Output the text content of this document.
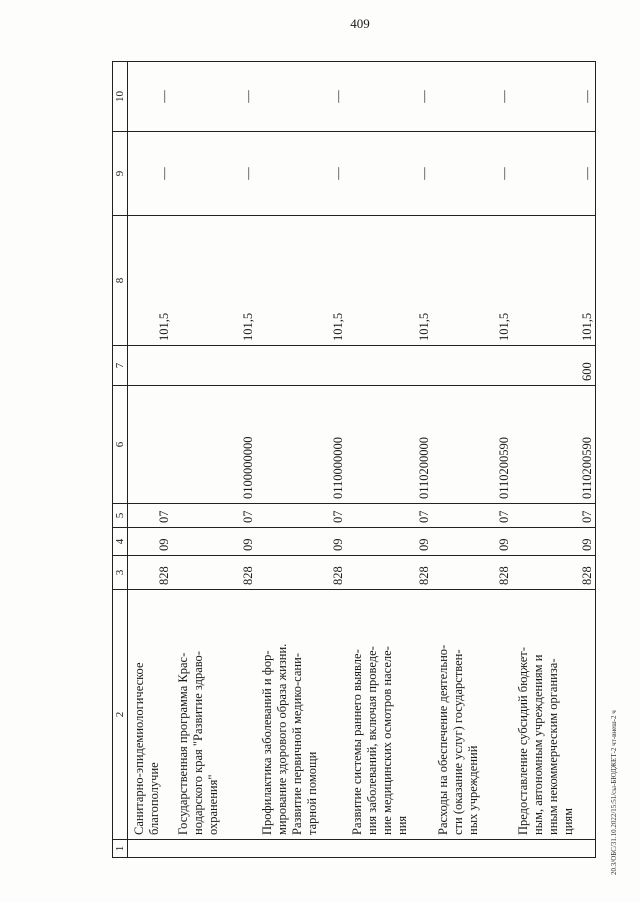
409
1	2	3	4	5	6	7	8	9	10

	Санитарно-эпидемиологическое благополучие	828	09	07			101,5	—	—

	Государственная программа Крас- нодарского края "Развитие здраво- охранения"	828	09	07	0100000000		101,5	—	—

	Профилактика заболеваний и фор- мирование здорового образа жизни. Развитие первичной медико-сани- тарной помощи	828	09	07	0110000000		101,5	—	—

	Развитие системы раннего выявле- ния заболеваний, включая проведе- ние медицинских осмотров населе- ния	828	09	07	0110200000		101,5	—	—

	Расходы на обеспечение деятельно- сти (оказание услуг) государствен- ных учреждений	828	09	07	0110200590		101,5	—	—

	Предоставление субсидий бюджет- ным, автономным учреждениям и иным некоммерческим организа- циям	828	09	07	0110200590	600	101,5	—	—
20.3/ОБС/31.10.2022/15:51/сы-БЮДЖЕТ-2 чт-внеш-2 ч
